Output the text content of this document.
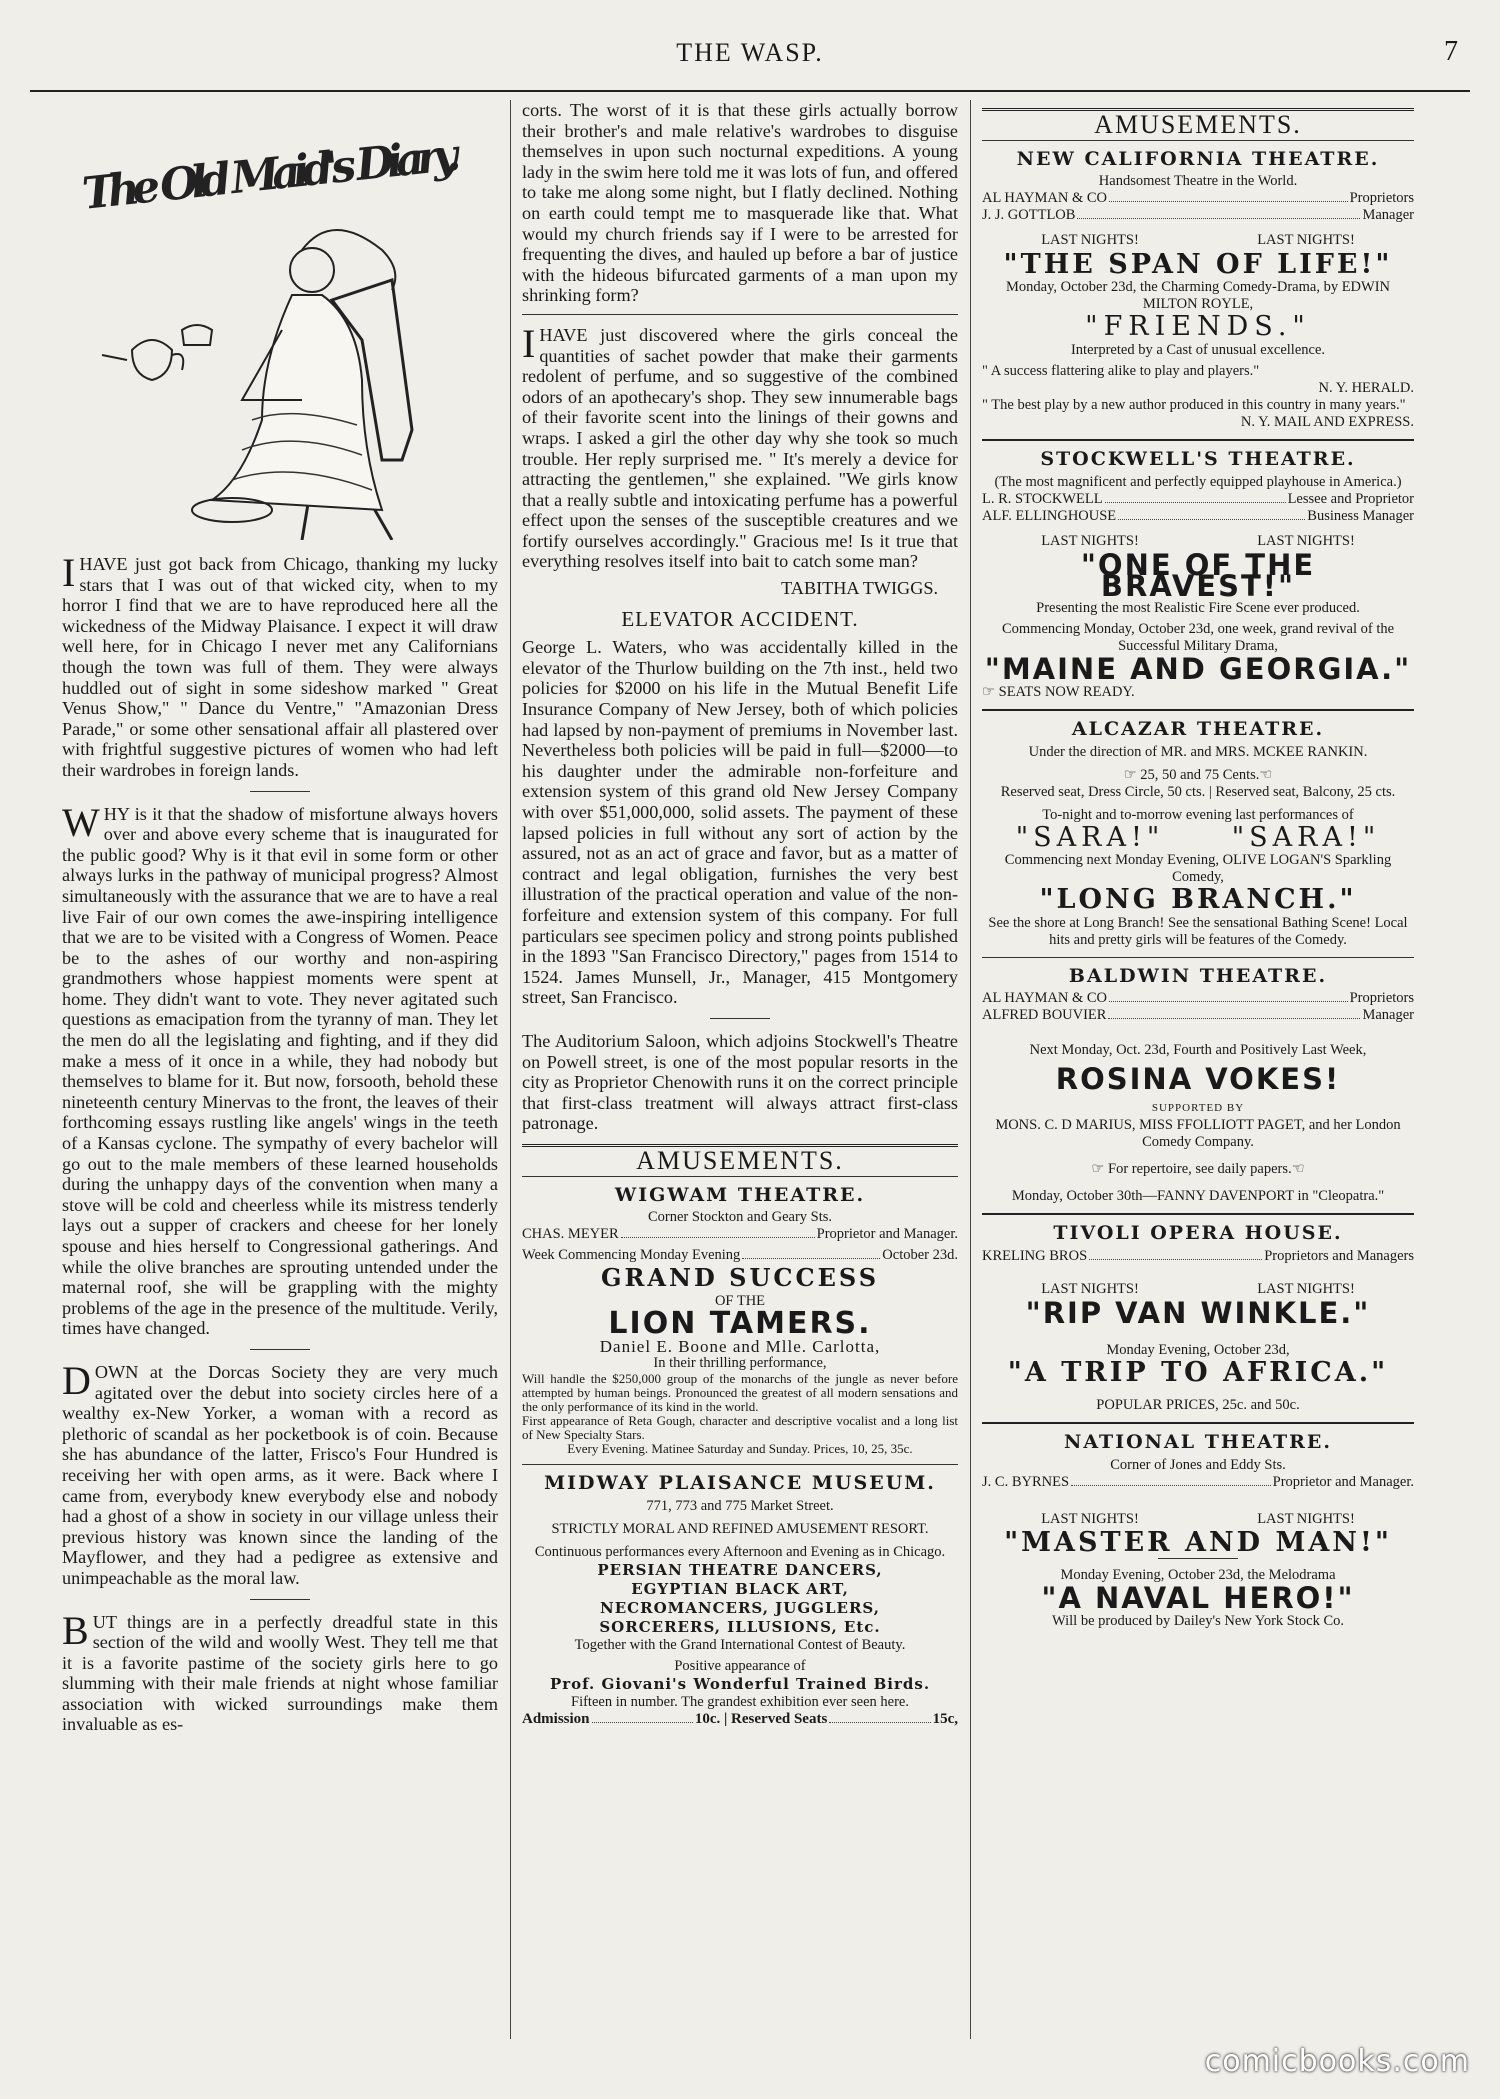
THE WASP.	7
The Old Maid's Diary.

IHAVE just got back from Chicago, thanking my lucky stars that I was out of that wicked city, when to my horror I find that we are to have reproduced here all the wickedness of the Midway Plaisance. I expect it will draw well here, for in Chicago I never met any Californians though the town was full of them. They were always huddled out of sight in some sideshow marked " Great Venus Show," " Dance du Ventre," "Amazonian Dress Parade," or some other sensational affair all plastered over with frightful suggestive pictures of women who had left their wardrobes in foreign lands.

WHY is it that the shadow of misfortune always hovers over and above every scheme that is inaugurated for the public good? Why is it that evil in some form or other always lurks in the pathway of municipal progress? Almost simultaneously with the assurance that we are to have a real live Fair of our own comes the awe-inspiring intelligence that we are to be visited with a Congress of Women. Peace be to the ashes of our worthy and non-aspiring grandmothers whose happiest moments were spent at home. They didn't want to vote. They never agitated such questions as emacipation from the tyranny of man. They let the men do all the legislating and fighting, and if they did make a mess of it once in a while, they had nobody but themselves to blame for it. But now, forsooth, behold these nineteenth century Minervas to the front, the leaves of their forthcoming essays rustling like angels' wings in the teeth of a Kansas cyclone. The sympathy of every bachelor will go out to the male members of these learned households during the unhappy days of the convention when many a stove will be cold and cheerless while its mistress tenderly lays out a supper of crackers and cheese for her lonely spouse and hies herself to Congressional gatherings. And while the olive branches are sprouting untended under the maternal roof, she will be grappling with the mighty problems of the age in the presence of the multitude. Verily, times have changed.

DOWN at the Dorcas Society they are very much agitated over the debut into society circles here of a wealthy ex-New Yorker, a woman with a record as plethoric of scandal as her pocketbook is of coin. Because she has abundance of the latter, Frisco's Four Hundred is receiving her with open arms, as it were. Back where I came from, everybody knew everybody else and nobody had a ghost of a show in society in our village unless their previous history was known since the landing of the Mayflower, and they had a pedigree as extensive and unimpeachable as the moral law.

BUT things are in a perfectly dreadful state in this section of the wild and woolly West. They tell me that it is a favorite pastime of the society girls here to go slumming with their male friends at night whose familiar association with wicked surroundings make them invaluable as es-

corts. The worst of it is that these girls actually borrow their brother's and male relative's wardrobes to disguise themselves in upon such nocturnal expeditions. A young lady in the swim here told me it was lots of fun, and offered to take me along some night, but I flatly declined. Nothing on earth could tempt me to masquerade like that. What would my church friends say if I were to be arrested for frequenting the dives, and hauled up before a bar of justice with the hideous bifurcated garments of a man upon my shrinking form?

IHAVE just discovered where the girls conceal the quantities of sachet powder that make their garments redolent of perfume, and so suggestive of the combined odors of an apothecary's shop. They sew innumerable bags of their favorite scent into the linings of their gowns and wraps. I asked a girl the other day why she took so much trouble. Her reply surprised me. " It's merely a device for attracting the gentlemen," she explained. "We girls know that a really subtle and intoxicating perfume has a powerful effect upon the senses of the susceptible creatures and we fortify ourselves accordingly." Gracious me! Is it true that everything resolves itself into bait to catch some man?

TABITHA TWIGGS.

ELEVATOR ACCIDENT.

George L. Waters, who was accidentally killed in the elevator of the Thurlow building on the 7th inst., held two policies for $2000 on his life in the Mutual Benefit Life Insurance Company of New Jersey, both of which policies had lapsed by non-payment of premiums in November last. Nevertheless both policies will be paid in full—$2000—to his daughter under the admirable non-forfeiture and extension system of this grand old New Jersey Company with over $51,000,000, solid assets. The payment of these lapsed policies in full without any sort of action by the assured, not as an act of grace and favor, but as a matter of contract and legal obligation, furnishes the very best illustration of the practical operation and value of the non-forfeiture and extension system of this company. For full particulars see specimen policy and strong points published in the 1893 "San Francisco Directory," pages from 1514 to 1524. James Munsell, Jr., Manager, 415 Montgomery street, San Francisco.

The Auditorium Saloon, which adjoins Stockwell's Theatre on Powell street, is one of the most popular resorts in the city as Proprietor Chenowith runs it on the correct principle that first-class treatment will always attract first-class patronage.

AMUSEMENTS.
WIGWAM THEATRE.
Corner Stockton and Geary Sts.
CHAS. MEYER	Proprietor and Manager.
Week Commencing Monday Evening	October 23d.
GRAND SUCCESS
OF THE
LION TAMERS.
Daniel E. Boone and Mlle. Carlotta,
In their thrilling performance,
Will handle the $250,000 group of the monarchs of the jungle as never before attempted by human beings. Pronounced the greatest of all modern sensations and the only performance of its kind in the world.
First appearance of Reta Gough, character and descriptive vocalist and a long list of New Specialty Stars.
Every Evening. Matinee Saturday and Sunday. Prices, 10, 25, 35c.
MIDWAY PLAISANCE MUSEUM.
771, 773 and 775 Market Street.
STRICTLY MORAL AND REFINED AMUSEMENT RESORT.
Continuous performances every Afternoon and Evening as in Chicago.
PERSIAN THEATRE DANCERS,
EGYPTIAN BLACK ART,
NECROMANCERS, JUGGLERS,
SORCERERS, ILLUSIONS, Etc.
Together with the Grand International Contest of Beauty.
Positive appearance of
Prof. Giovani's Wonderful Trained Birds.
Fifteen in number. The grandest exhibition ever seen here.
Admission	10c. | Reserved Seats	15c,
AMUSEMENTS.
NEW CALIFORNIA THEATRE.
Handsomest Theatre in the World.
AL HAYMAN & CO	Proprietors
J. J. GOTTLOB	Manager
LAST NIGHTS!	LAST NIGHTS!
"THE SPAN OF LIFE!"
Monday, October 23d, the Charming Comedy-Drama, by EDWIN MILTON ROYLE,
"FRIENDS."
Interpreted by a Cast of unusual excellence.
" A success flattering alike to play and players."
N. Y. HERALD.
" The best play by a new author produced in this country in many years."
N. Y. MAIL AND EXPRESS.
STOCKWELL'S THEATRE.
(The most magnificent and perfectly equipped playhouse in America.)
L. R. STOCKWELL	Lessee and Proprietor
ALF. ELLINGHOUSE	Business Manager
LAST NIGHTS!	LAST NIGHTS!
"ONE OF THE BRAVEST!"
Presenting the most Realistic Fire Scene ever produced.
Commencing Monday, October 23d, one week, grand revival of the Successful Military Drama,
"MAINE AND GEORGIA."
☞ SEATS NOW READY.
ALCAZAR THEATRE.
Under the direction of MR. and MRS. MCKEE RANKIN.
☞ 25, 50 and 75 Cents.☜
Reserved seat, Dress Circle, 50 cts. | Reserved seat, Balcony, 25 cts.
To-night and to-morrow evening last performances of
"SARA!" "SARA!"
Commencing next Monday Evening, OLIVE LOGAN'S Sparkling Comedy,
"LONG BRANCH."
See the shore at Long Branch! See the sensational Bathing Scene! Local hits and pretty girls will be features of the Comedy.
BALDWIN THEATRE.
AL HAYMAN & CO	Proprietors
ALFRED BOUVIER	Manager
Next Monday, Oct. 23d, Fourth and Positively Last Week,
ROSINA VOKES!
SUPPORTED BY
MONS. C. D MARIUS, MISS FFOLLIOTT PAGET, and her London Comedy Company.
☞ For repertoire, see daily papers.☜
Monday, October 30th—FANNY DAVENPORT in "Cleopatra."
TIVOLI OPERA HOUSE.
KRELING BROS	Proprietors and Managers
LAST NIGHTS!	LAST NIGHTS!
"RIP VAN WINKLE."
Monday Evening, October 23d,
"A TRIP TO AFRICA."
POPULAR PRICES, 25c. and 50c.
NATIONAL THEATRE.
Corner of Jones and Eddy Sts.
J. C. BYRNES	Proprietor and Manager.
LAST NIGHTS!	LAST NIGHTS!
"MASTER AND MAN!"
Monday Evening, October 23d, the Melodrama
"A NAVAL HERO!"
Will be produced by Dailey's New York Stock Co.
comicbooks.com
